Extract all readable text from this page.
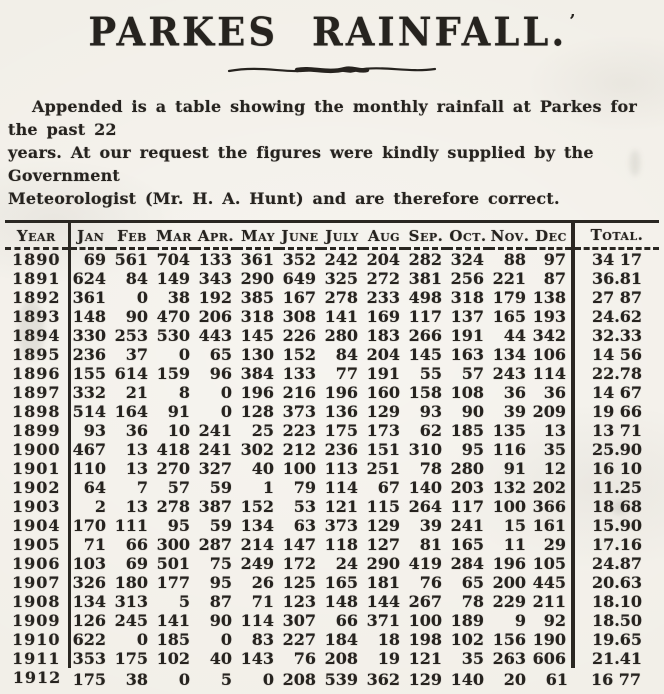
PARKES RAINFALL. ’
Appended is a table showing the monthly rainfall at Parkes for the past 22
years. At our request the figures were kindly supplied by the Government
Meteorologist (Mr. H. A. Hunt) and are therefore correct.
Year	Jan	Feb	Mar	Apr.	May	June	July	Aug	Sep.	Oct.	Nov.	Dec	Total.
1890	69	561	704	133	361	352	242	204	282	324	88	97	34 17
1891	624	84	149	343	290	649	325	272	381	256	221	87	36.81
1892	361	0	38	192	385	167	278	233	498	318	179	138	27 87
1893	148	90	470	206	318	308	141	169	117	137	165	193	24.62
1894	330	253	530	443	145	226	280	183	266	191	44	342	32.33
1895	236	37	0	65	130	152	84	204	145	163	134	106	14 56
1896	155	614	159	96	384	133	77	191	55	57	243	114	22.78
1897	332	21	8	0	196	216	196	160	158	108	36	36	14 67
1898	514	164	91	0	128	373	136	129	93	90	39	209	19 66
1899	93	36	10	241	25	223	175	173	62	185	135	13	13 71
1900	467	13	418	241	302	212	236	151	310	95	116	35	25.90
1901	110	13	270	327	40	100	113	251	78	280	91	12	16 10
1902	64	7	57	59	1	79	114	67	140	203	132	202	11.25
1903	2	13	278	387	152	53	121	115	264	117	100	366	18 68
1904	170	111	95	59	134	63	373	129	39	241	15	161	15.90
1905	71	66	300	287	214	147	118	127	81	165	11	29	17.16
1906	103	69	501	75	249	172	24	290	419	284	196	105	24.87
1907	326	180	177	95	26	125	165	181	76	65	200	445	20.63
1908	134	313	5	87	71	123	148	144	267	78	229	211	18.10
1909	126	245	141	90	114	307	66	371	100	189	9	92	18.50
1910	622	0	185	0	83	227	184	18	198	102	156	190	19.65
1911	353	175	102	40	143	76	208	19	121	35	263	606	21.41
1912	175	38	0	5	0	208	539	362	129	140	20	61	16 77
